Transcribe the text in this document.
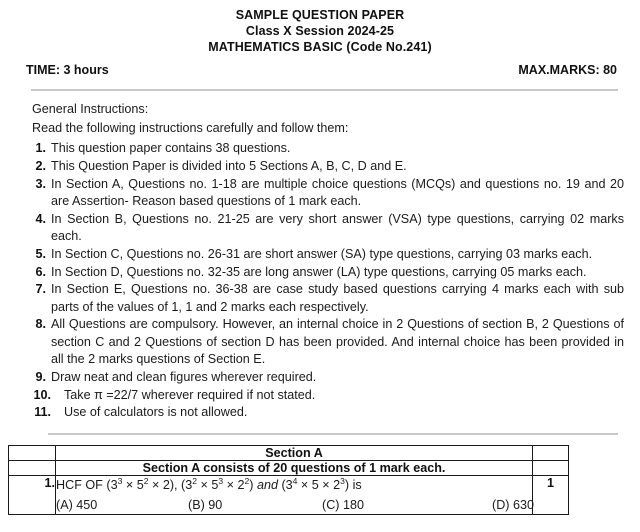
SAMPLE QUESTION PAPER
Class X Session 2024-25
MATHEMATICS BASIC (Code No.241)
TIME: 3 hours	MAX.MARKS: 80
General Instructions:
Read the following instructions carefully and follow them:
1. This question paper contains 38 questions.
2. This Question Paper is divided into 5 Sections A, B, C, D and E.
3. In Section A, Questions no. 1-18 are multiple choice questions (MCQs) and questions no. 19 and 20 are Assertion- Reason based questions of 1 mark each.
4. In Section B, Questions no. 21-25 are very short answer (VSA) type questions, carrying 02 marks each.
5. In Section C, Questions no. 26-31 are short answer (SA) type questions, carrying 03 marks each.
6. In Section D, Questions no. 32-35 are long answer (LA) type questions, carrying 05 marks each.
7. In Section E, Questions no. 36-38 are case study based questions carrying 4 marks each with sub parts of the values of 1, 1 and 2 marks each respectively.
8. All Questions are compulsory. However, an internal choice in 2 Questions of section B, 2 Questions of section C and 2 Questions of section D has been provided. And internal choice has been provided in all the 2 marks questions of Section E.
9. Draw neat and clean figures wherever required.
10. Take π =22/7 wherever required if not stated.
11. Use of calculators is not allowed.
	Section A	
	Section A consists of 20 questions of 1 mark each.	
1.	HCF OF $(3^3 \times 5^2 \times 2)$, $(3^2 \times 5^3 \times 2^2)$ and $(3^4 \times 5 \times 2^3)$ is
(A) 450 (B) 90 (C) 180 (D) 630	1
